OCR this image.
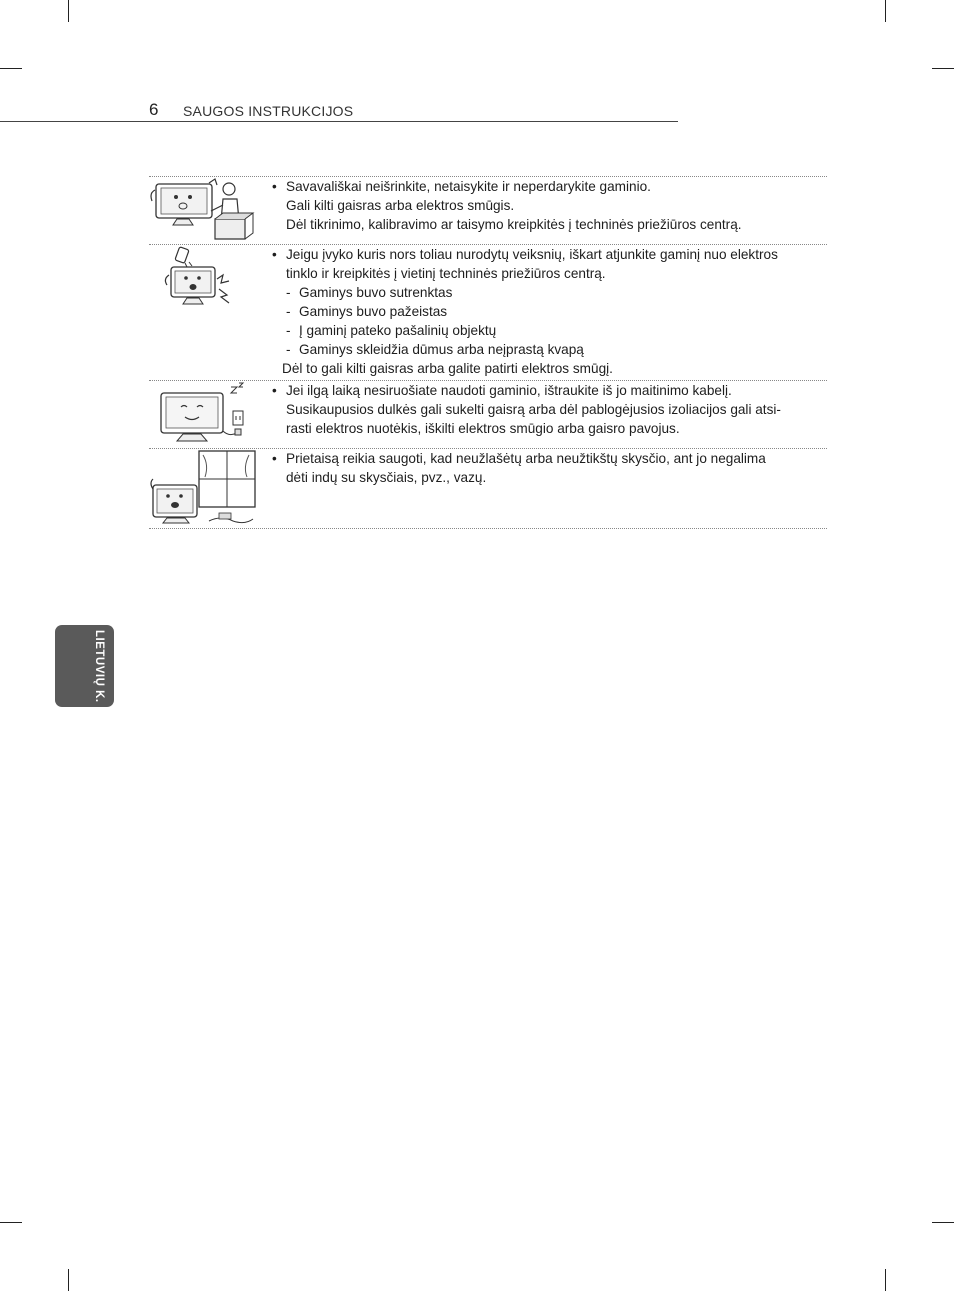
6 SAUGOS INSTRUKCIJOS
• Savavališkai neišrinkite, netaisykite ir neperdarykite gaminio.
Gali kilti gaisras arba elektros smūgis.
Dėl tikrinimo, kalibravimo ar taisymo kreipkitės į techninės priežiūros centrą.
• Jeigu įvyko kuris nors toliau nurodytų veiksnių, iškart atjunkite gaminį nuo elektros
tinklo ir kreipkitės į vietinį techninės priežiūros centrą.
- Gaminys buvo sutrenktas
- Gaminys buvo pažeistas
- Į gaminį pateko pašalinių objektų
- Gaminys skleidžia dūmus arba neįprastą kvapą
Dėl to gali kilti gaisras arba galite patirti elektros smūgį.
• Jei ilgą laiką nesiruošiate naudoti gaminio, ištraukite iš jo maitinimo kabelį.
Susikaupusios dulkės gali sukelti gaisrą arba dėl pablogėjusios izoliacijos gali atsi-
rasti elektros nuotėkis, iškilti elektros smūgio arba gaisro pavojus.
• Prietaisą reikia saugoti, kad neužlašėtų arba neužtikštų skysčio, ant jo negalima
dėti indų su skysčiais, pvz., vazų.
LIETUVIŲ K.
